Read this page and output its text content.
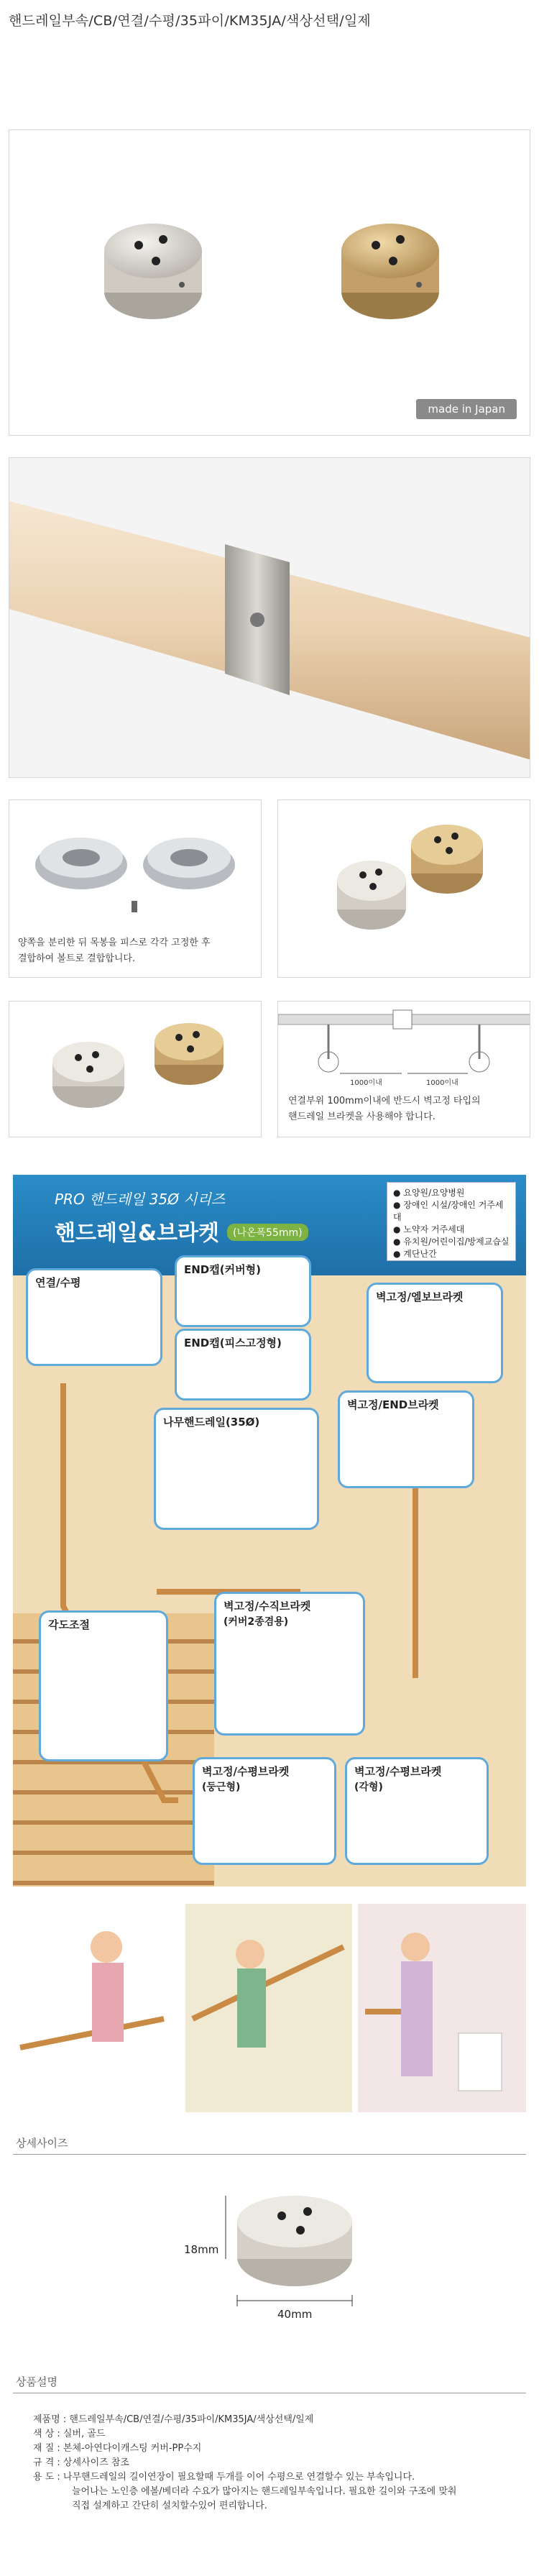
핸드레일부속/CB/연결/수평/35파이/KM35JA/색상선택/일제
made in Japan
양쪽을 분리한 뒤 목봉을 피스로 각각 고정한 후
결합하여 볼트로 결합합니다.
1000이내	1000이내
연결부위 100mm이내에 반드시 벽고정 타입의
핸드레일 브라켓을 사용해야 합니다.
PRO 핸드레일 35Ø 시리즈
핸드레일&브라켓	(나온폭55mm)
● 요양원/요양병원
● 장애인 시설/장애인 거주세대
● 노약자 거주세대
● 유치원/어린이집/방제교습실
● 계단난간
연결/수평
END캡(커버형)
END캡(피스고정형)
벽고정/엘보브라켓
벽고정/END브라켓
나무핸드레일(35Ø)
각도조절
벽고정/수직브라켓
(커버2종겸용)
벽고정/수평브라켓
(둥근형)
벽고정/수평브라켓
(각형)
상세사이즈
18mm
40mm
상품설명
제품명 : 핸드레일부속/CB/연결/수평/35파이/KM35JA/색상선택/일제
색 상 : 실버, 골드
재 질 : 본체-아연다이캐스팅 커버-PP수지
규 격 : 상세사이즈 참조
용 도 : 나무핸드레일의 길이연장이 필요할때 두개를 이어 수평으로 연결할수 있는 부속입니다.
늘어나는 노인층 에볼/베더라 수요가 많아지는 핸드레일부속입니다. 필요한 길이와 구조에 맞춰
직접 설계하고 간단히 설치할수있어 편리합니다.
